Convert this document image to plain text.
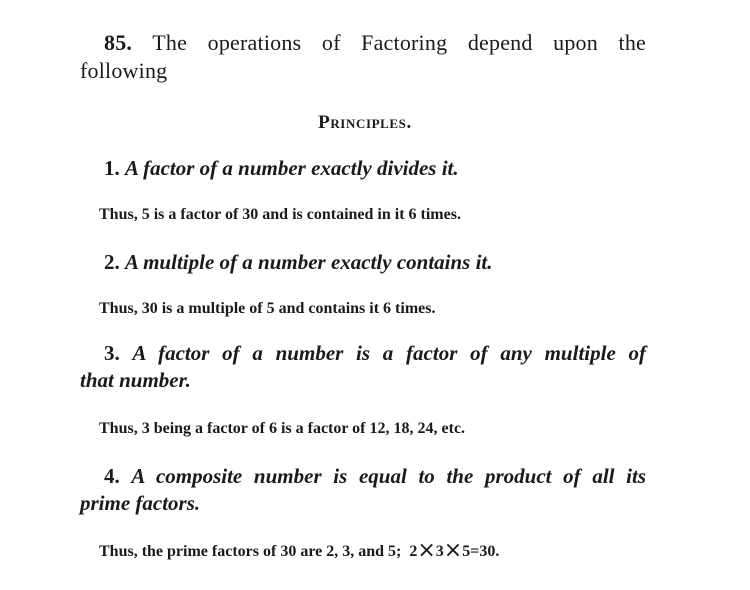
85. The operations of Factoring depend upon the
following
Principles.
1. A factor of a number exactly divides it.
Thus, 5 is a factor of 30 and is contained in it 6 times.
2. A multiple of a number exactly contains it.
Thus, 30 is a multiple of 5 and contains it 6 times.
3. A factor of a number is a factor of any multiple of
that number.
Thus, 3 being a factor of 6 is a factor of 12, 18, 24, etc.
4. A composite number is equal to the product of all its
prime factors.
Thus, the prime factors of 30 are 2, 3, and 5; 2×3×5=30.
